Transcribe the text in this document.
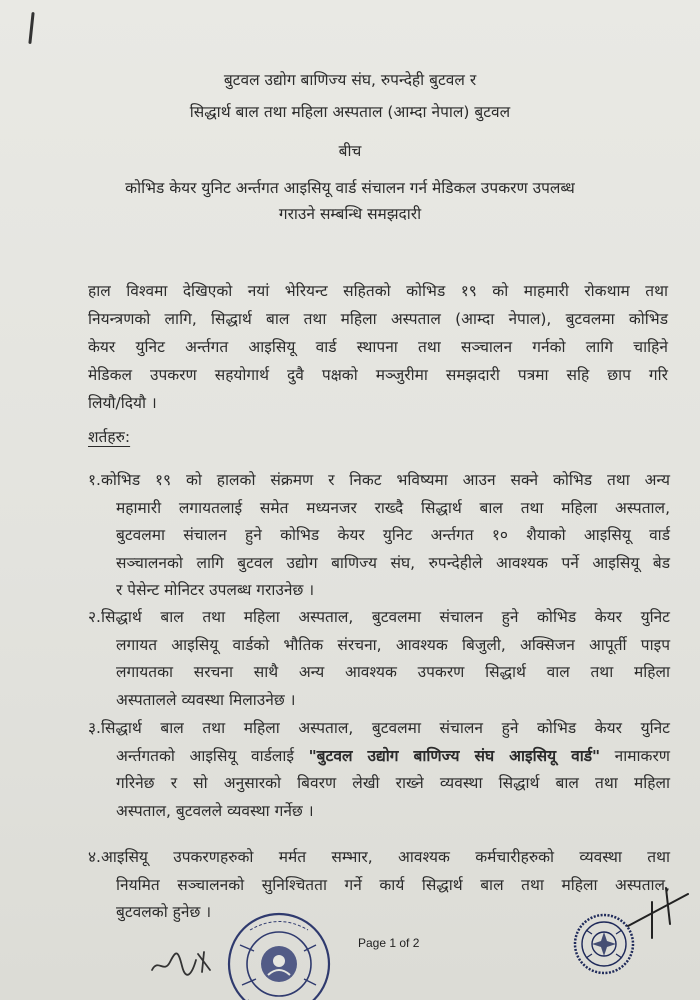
बुटवल उद्योग बाणिज्य संघ, रुपन्देही बुटवल र
सिद्धार्थ बाल तथा महिला अस्पताल (आम्दा नेपाल) बुटवल
बीच
कोभिड केयर युनिट अर्न्तगत आइसियू वार्ड संचालन गर्न मेडिकल उपकरण उपलब्ध
गराउने सम्बन्धि समझदारी
हाल विश्वमा देखिएको नयां भेरियन्ट सहितको कोभिड १९ को माहमारी रोकथाम तथा
नियन्त्रणको लागि, सिद्धार्थ बाल तथा महिला अस्पताल (आम्दा नेपाल), बुटवलमा कोभिड
केयर युनिट अर्न्तगत आइसियू वार्ड स्थापना तथा सञ्चालन गर्नको लागि चाहिने
मेडिकल उपकरण सहयोगार्थ दुवै पक्षको मञ्जुरीमा समझदारी पत्रमा सहि छाप गरि
लियौ/दियौ ।
शर्तहरु:
१.कोभिड १९ को हालको संक्रमण र निकट भविष्यमा आउन सक्ने कोभिड तथा अन्य
महामारी लगायतलाई समेत मध्यनजर राख्दै सिद्धार्थ बाल तथा महिला अस्पताल,
बुटवलमा संचालन हुने कोभिड केयर युनिट अर्न्तगत १० शैयाको आइसियू वार्ड
सञ्चालनको लागि बुटवल उद्योग बाणिज्य संघ, रुपन्देहीले आवश्यक पर्ने आइसियू बेड
र पेसेन्ट मोनिटर उपलब्ध गराउनेछ ।
२.सिद्धार्थ बाल तथा महिला अस्पताल, बुटवलमा संचालन हुने कोभिड केयर युनिट
लगायत आइसियू वार्डको भौतिक संरचना, आवश्यक बिजुली, अक्सिजन आपूर्ती पाइप
लगायतका सरचना साथै अन्य आवश्यक उपकरण सिद्धार्थ वाल तथा महिला
अस्पतालले व्यवस्था मिलाउनेछ ।
३.सिद्धार्थ बाल तथा महिला अस्पताल, बुटवलमा संचालन हुने कोभिड केयर युनिट
अर्न्तगतको आइसियू वार्डलाई "बुटवल उद्योग बाणिज्य संघ आइसियू वार्ड" नामाकरण
गरिनेछ र सो अनुसारको बिवरण लेखी राख्ने व्यवस्था सिद्धार्थ बाल तथा महिला
अस्पताल, बुटवलले व्यवस्था गर्नेछ ।
४.आइसियू उपकरणहरुको मर्मत सम्भार, आवश्यक कर्मचारीहरुको व्यवस्था तथा
नियमित सञ्चालनको सुनिश्चितता गर्ने कार्य सिद्धार्थ बाल तथा महिला अस्पताल,
बुटवलको हुनेछ ।
Page 1 of 2
